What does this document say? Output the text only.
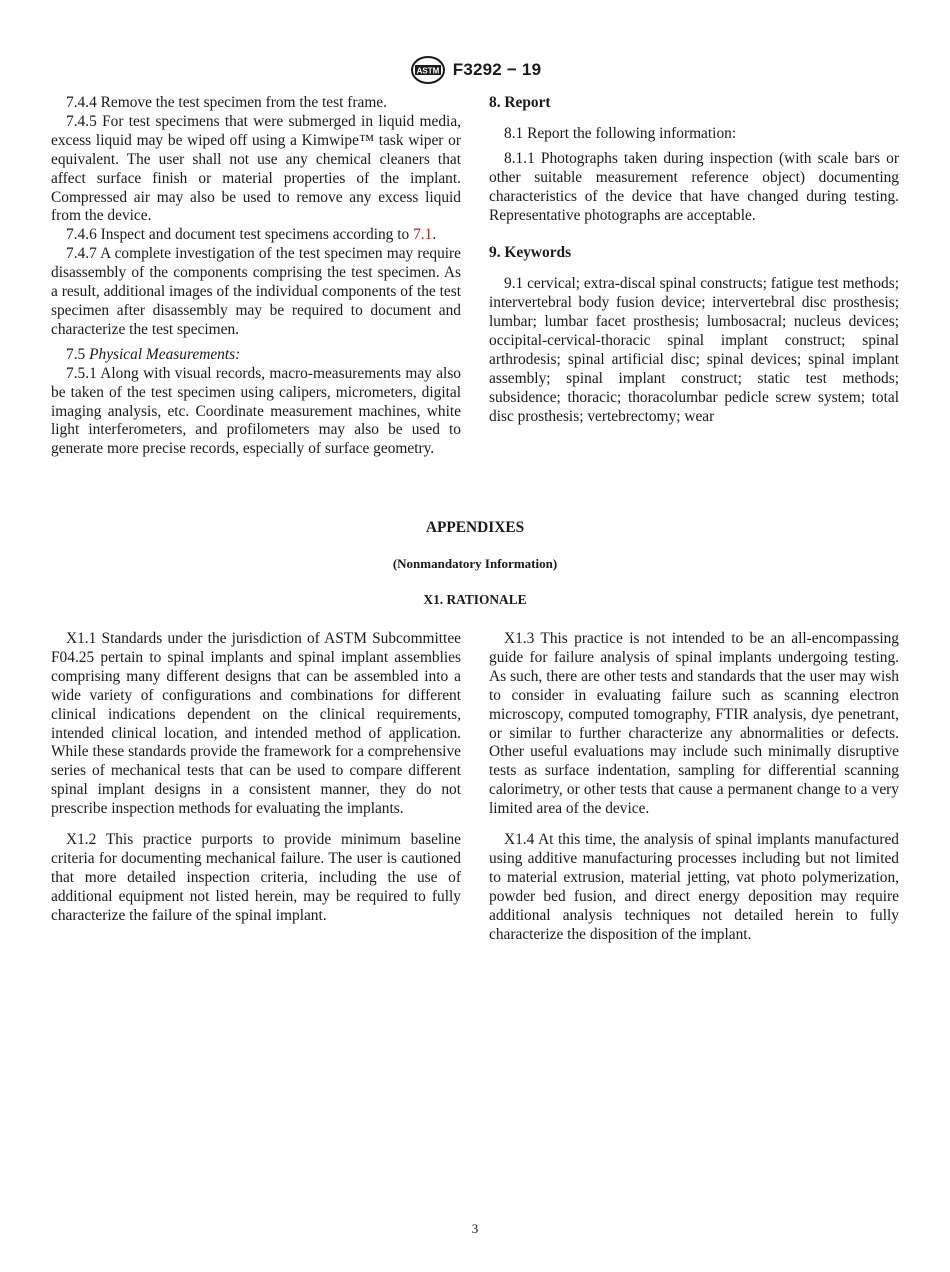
ASTM F3292 − 19

7.4.4 Remove the test specimen from the test frame.

7.4.5 For test specimens that were submerged in liquid media, excess liquid may be wiped off using a Kimwipe™ task wiper or equivalent. The user shall not use any chemical cleaners that affect surface finish or material properties of the implant. Compressed air may also be used to remove any excess liquid from the device.

7.4.6 Inspect and document test specimens according to 7.1.

7.4.7 A complete investigation of the test specimen may require disassembly of the components comprising the test specimen. As a result, additional images of the individual components of the test specimen after disassembly may be required to document and characterize the test specimen.

7.5 Physical Measurements:

7.5.1 Along with visual records, macro-measurements may also be taken of the test specimen using calipers, micrometers, digital imaging analysis, etc. Coordinate measurement machines, white light interferometers, and profilometers may also be used to generate more precise records, especially of surface geometry.

8. Report

8.1 Report the following information:

8.1.1 Photographs taken during inspection (with scale bars or other suitable measurement reference object) documenting characteristics of the device that have changed during testing. Representative photographs are acceptable.

9. Keywords

9.1 cervical; extra-discal spinal constructs; fatigue test methods; intervertebral body fusion device; intervertebral disc prosthesis; lumbar; lumbar facet prosthesis; lumbosacral; nucleus devices; occipital-cervical-thoracic spinal implant construct; spinal arthrodesis; spinal artificial disc; spinal devices; spinal implant assembly; spinal implant construct; static test methods; subsidence; thoracic; thoracolumbar pedicle screw system; total disc prosthesis; vertebrectomy; wear

APPENDIXES
(Nonmandatory Information)
X1. RATIONALE

X1.1 Standards under the jurisdiction of ASTM Subcommittee F04.25 pertain to spinal implants and spinal implant assemblies comprising many different designs that can be assembled into a wide variety of configurations and combinations for different clinical indications dependent on the clinical requirements, intended clinical location, and intended method of application. While these standards provide the framework for a comprehensive series of mechanical tests that can be used to compare different spinal implant designs in a consistent manner, they do not prescribe inspection methods for evaluating the implants.

X1.2 This practice purports to provide minimum baseline criteria for documenting mechanical failure. The user is cautioned that more detailed inspection criteria, including the use of additional equipment not listed herein, may be required to fully characterize the failure of the spinal implant.

X1.3 This practice is not intended to be an all-encompassing guide for failure analysis of spinal implants undergoing testing. As such, there are other tests and standards that the user may wish to consider in evaluating failure such as scanning electron microscopy, computed tomography, FTIR analysis, dye penetrant, or similar to further characterize any abnormalities or defects. Other useful evaluations may include such minimally disruptive tests as surface indentation, sampling for differential scanning calorimetry, or other tests that cause a permanent change to a very limited area of the device.

X1.4 At this time, the analysis of spinal implants manufactured using additive manufacturing processes including but not limited to material extrusion, material jetting, vat photo polymerization, powder bed fusion, and direct energy deposition may require additional analysis techniques not detailed herein to fully characterize the disposition of the implant.

3
